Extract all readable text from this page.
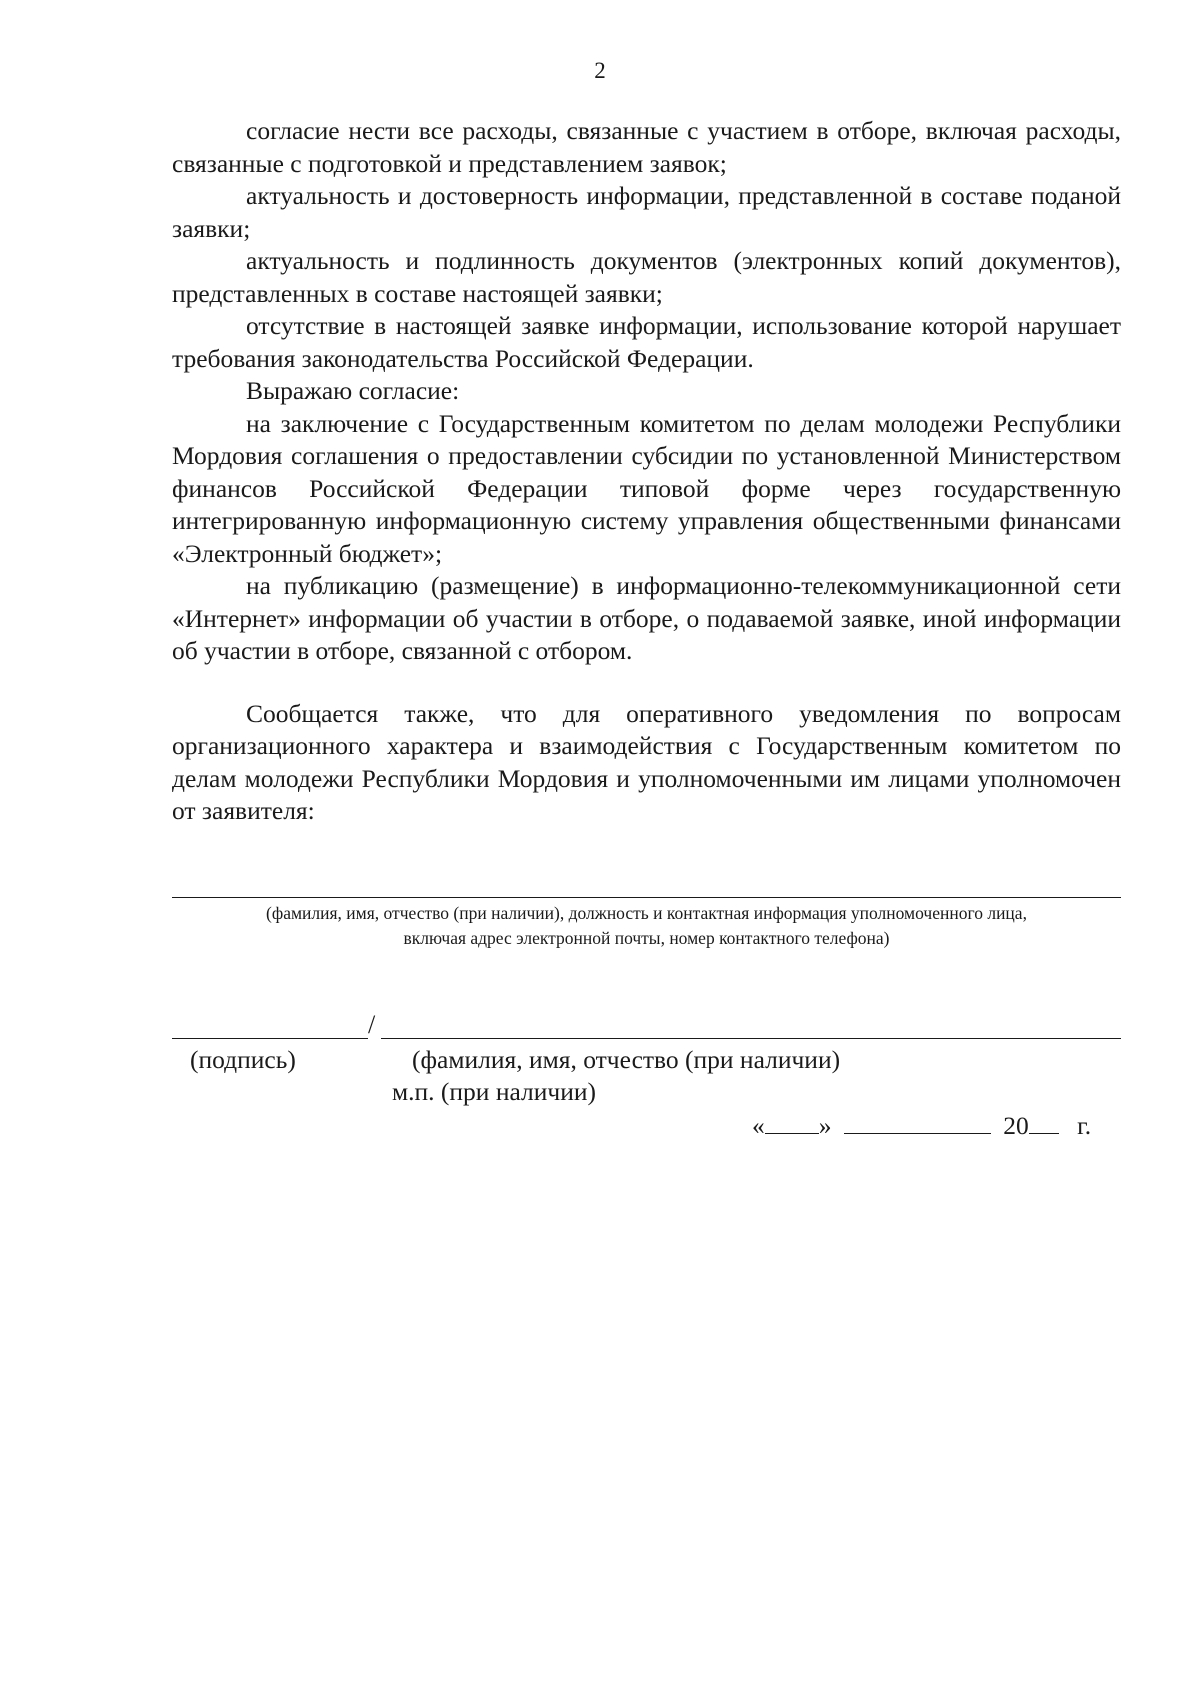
2

согласие нести все расходы, связанные с участием в отборе, включая расходы, связанные с подготовкой и представлением заявок;

актуальность и достоверность информации, представленной в составе поданой заявки;

актуальность и подлинность документов (электронных копий документов), представленных в составе настоящей заявки;

отсутствие в настоящей заявке информации, использование которой нарушает требования законодательства Российской Федерации.

Выражаю согласие:

на заключение с Государственным комитетом по делам молодежи Республики Мордовия соглашения о предоставлении субсидии по установленной Министерством финансов Российской Федерации типовой форме через государственную интегрированную информационную систему управления общественными финансами «Электронный бюджет»;

на публикацию (размещение) в информационно-телекоммуникационной сети «Интернет» информации об участии в отборе, о подаваемой заявке, иной информации об участии в отборе, связанной с отбором.

Сообщается также, что для оперативного уведомления по вопросам организационного характера и взаимодействия с Государственным комитетом по делам молодежи Республики Мордовия и уполномоченными им лицами уполномочен от заявителя:

(фамилия, имя, отчество (при наличии), должность и контактная информация уполномоченного лица,
включая адрес электронной почты, номер контактного телефона)
/
(подпись)	(фамилия, имя, отчество (при наличии)
м.п. (при наличии)
« »	20 г.
